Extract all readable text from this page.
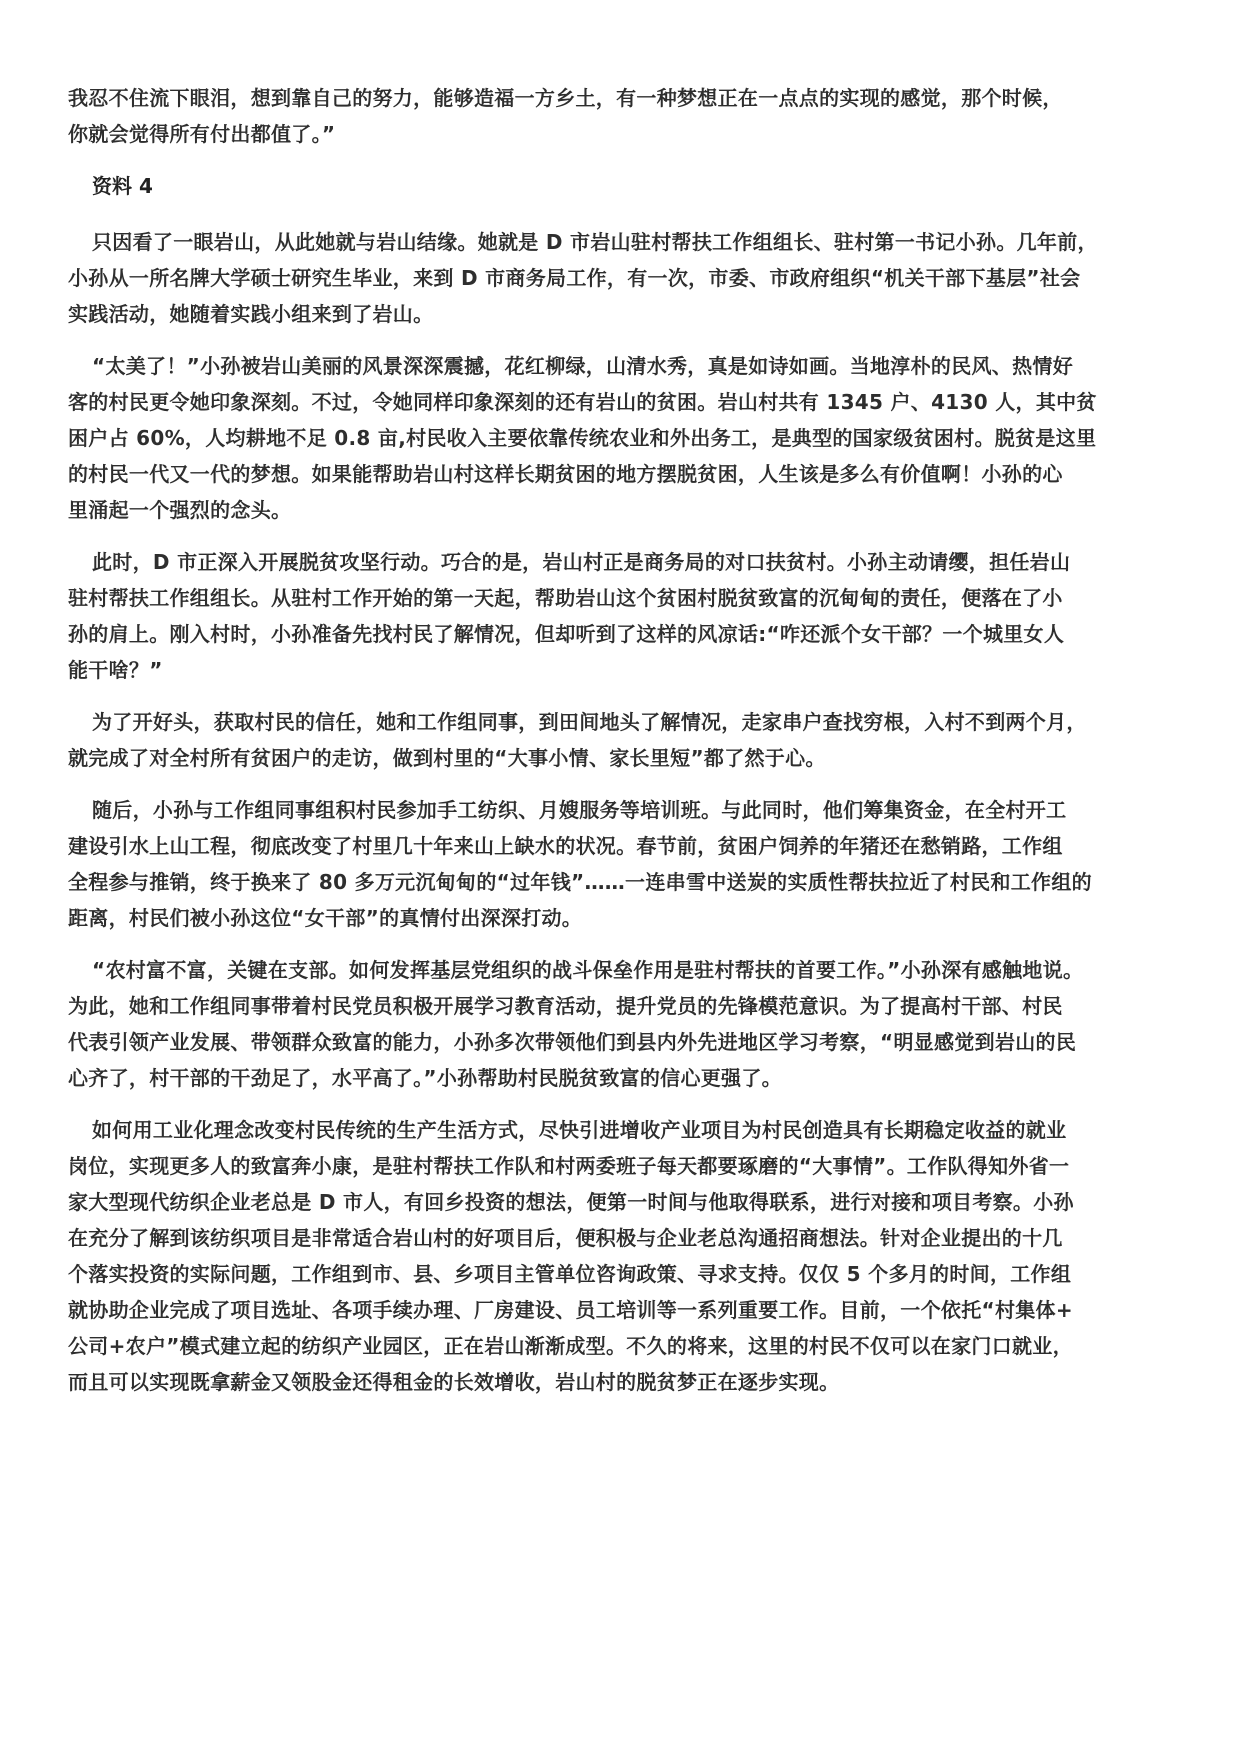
我忍不住流下眼泪，想到靠自己的努力，能够造福一方乡土，有一种梦想正在一点点的实现的感觉，那个时候，
你就会觉得所有付出都值了。”
资料 4
只因看了一眼岩山，从此她就与岩山结缘。她就是 D 市岩山驻村帮扶工作组组长、驻村第一书记小孙。几年前，
小孙从一所名牌大学硕士研究生毕业，来到 D 市商务局工作，有一次，市委、市政府组织“机关干部下基层”社会
实践活动，她随着实践小组来到了岩山。
“太美了！”小孙被岩山美丽的风景深深震撼，花红柳绿，山清水秀，真是如诗如画。当地淳朴的民风、热情好
客的村民更令她印象深刻。不过，令她同样印象深刻的还有岩山的贫困。岩山村共有 1345 户、4130 人，其中贫
困户占 60%，人均耕地不足 0.8 亩,村民收入主要依靠传统农业和外出务工，是典型的国家级贫困村。脱贫是这里
的村民一代又一代的梦想。如果能帮助岩山村这样长期贫困的地方摆脱贫困，人生该是多么有价值啊！小孙的心
里涌起一个强烈的念头。
此时，D 市正深入开展脱贫攻坚行动。巧合的是，岩山村正是商务局的对口扶贫村。小孙主动请缨，担任岩山
驻村帮扶工作组组长。从驻村工作开始的第一天起，帮助岩山这个贫困村脱贫致富的沉甸甸的责任，便落在了小
孙的肩上。刚入村时，小孙准备先找村民了解情况，但却听到了这样的风凉话:“咋还派个女干部？一个城里女人
能干啥？”
为了开好头，获取村民的信任，她和工作组同事，到田间地头了解情况，走家串户查找穷根，入村不到两个月，
就完成了对全村所有贫困户的走访，做到村里的“大事小情、家长里短”都了然于心。
随后，小孙与工作组同事组积村民参加手工纺织、月嫂服务等培训班。与此同时，他们筹集资金，在全村开工
建设引水上山工程，彻底改变了村里几十年来山上缺水的状况。春节前，贫困户饲养的年猪还在愁销路，工作组
全程参与推销，终于换来了 80 多万元沉甸甸的“过年钱”……一连串雪中送炭的实质性帮扶拉近了村民和工作组的
距离，村民们被小孙这位“女干部”的真情付出深深打动。
“农村富不富，关键在支部。如何发挥基层党组织的战斗保垒作用是驻村帮扶的首要工作。”小孙深有感触地说。
为此，她和工作组同事带着村民党员积极开展学习教育活动，提升党员的先锋模范意识。为了提高村干部、村民
代表引领产业发展、带领群众致富的能力，小孙多次带领他们到县内外先进地区学习考察，“明显感觉到岩山的民
心齐了，村干部的干劲足了，水平高了。”小孙帮助村民脱贫致富的信心更强了。
如何用工业化理念改变村民传统的生产生活方式，尽快引进增收产业项目为村民创造具有长期稳定收益的就业
岗位，实现更多人的致富奔小康，是驻村帮扶工作队和村两委班子每天都要琢磨的“大事情”。工作队得知外省一
家大型现代纺织企业老总是 D 市人，有回乡投资的想法，便第一时间与他取得联系，进行对接和项目考察。小孙
在充分了解到该纺织项目是非常适合岩山村的好项目后，便积极与企业老总沟通招商想法。针对企业提出的十几
个落实投资的实际问题，工作组到市、县、乡项目主管单位咨询政策、寻求支持。仅仅 5 个多月的时间，工作组
就协助企业完成了项目选址、各项手续办理、厂房建设、员工培训等一系列重要工作。目前，一个依托“村集体+
公司+农户”模式建立起的纺织产业园区，正在岩山渐渐成型。不久的将来，这里的村民不仅可以在家门口就业，
而且可以实现既拿薪金又领股金还得租金的长效增收，岩山村的脱贫梦正在逐步实现。
